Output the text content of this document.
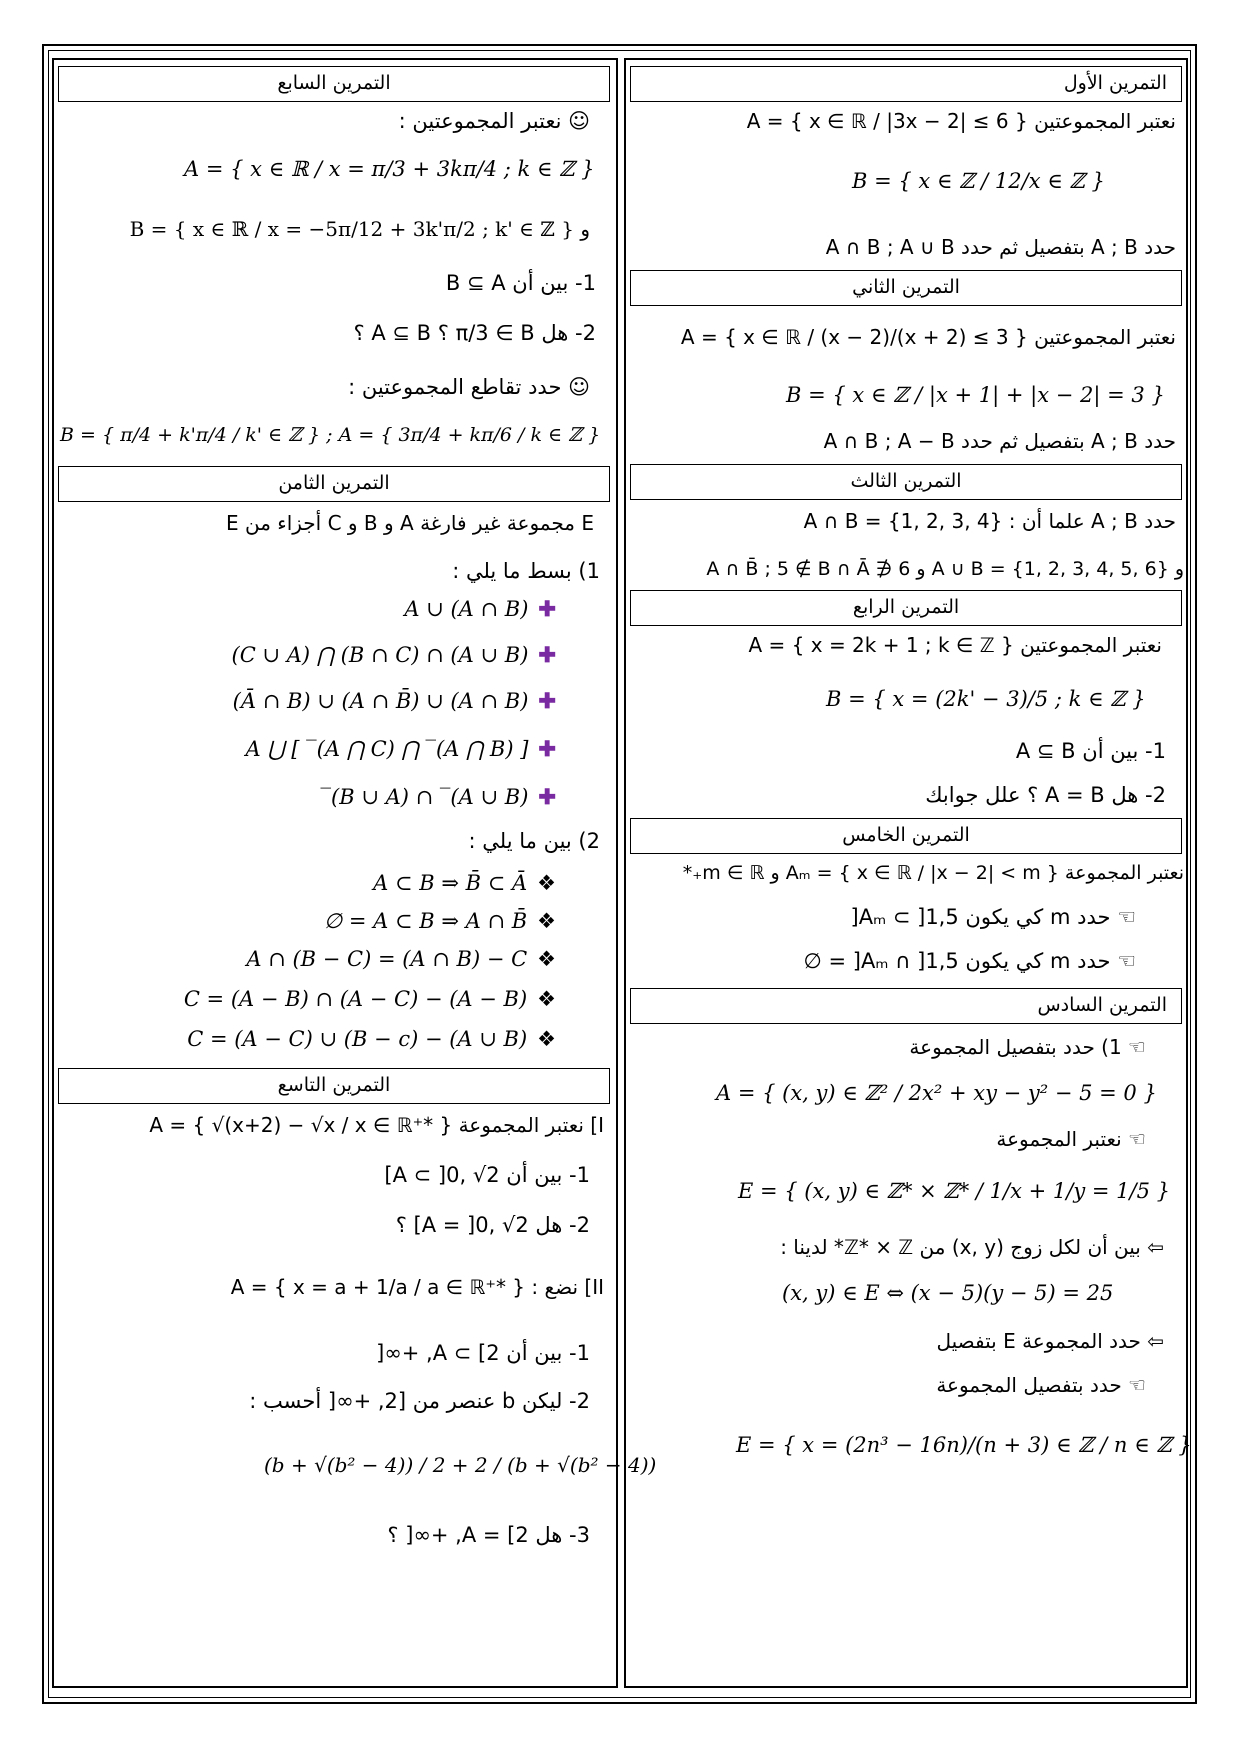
التمرين السابع
☺ نعتبر المجموعتين :
A = { x ∈ ℝ / x = π/3 + 3kπ/4 ; k ∈ ℤ }
و B = { x ∈ ℝ / x = −5π/12 + 3k'π/2 ; k' ∈ ℤ }
1- بين أن B ⊆ A
2- هل π/3 ∈ B ؟ A ⊆ B ؟
☺ حدد تقاطع المجموعتين :
B = { π/4 + k'π/4 / k' ∈ ℤ } ; A = { 3π/4 + kπ/6 / k ∈ ℤ }
التمرين الثامن
E مجموعة غير فارغة A و B و C أجزاء من E
1) بسط ما يلي :
✚A ∪ (A ∩ B)
✚(A ∪ B) ∩ (B ∩ C) ⋂ (C ∪ A)
✚(A ∩ B) ∪ (A ∩ B̄) ∪ (Ā ∩ B)
✚[ (A ⋂ B)‾ ⋂ (A ⋂ C)‾ ] ⋃ A
✚(A ∪ B)‾ ∩ (B ∪ A)‾
2) بين ما يلي :
❖A ⊂ B ⇒ B̄ ⊂ Ā
❖A ⊂ B ⇒ A ∩ B̄ = ∅
❖A ∩ (B − C) = (A ∩ B) − C
❖(A − B) − C = (A − B) ∩ (A − C)
❖(A ∪ B) − C = (A − C) ∪ (B − c)
التمرين التاسع
I] نعتبر المجموعة A = { √(x+2) − √x / x ∈ ℝ⁺* }
1- بين أن A ⊂ ]0, √2]
2- هل A = ]0, √2] ؟
II] نضع : A = { x = a + 1/a / a ∈ ℝ⁺* }
1- بين أن A ⊂ [2, +∞[
2- ليكن b عنصر من [2, +∞[ أحسب :
(b + √(b² − 4)) / 2 + 2 / (b + √(b² − 4))
3- هل A = [2, +∞[ ؟
التمرين الأول
نعتبر المجموعتين A = { x ∈ ℝ / |3x − 2| ≤ 6 }
B = { x ∈ ℤ / 12/x ∈ ℤ }
حدد A ; B بتفصيل ثم حدد A ∩ B ; A ∪ B
التمرين الثاني
نعتبر المجموعتين A = { x ∈ ℝ / (x − 2)/(x + 2) ≤ 3 }
B = { x ∈ ℤ / |x + 1| + |x − 2| = 3 }
حدد A ; B بتفصيل ثم حدد A ∩ B ; A − B
التمرين الثالث
حدد A ; B علما أن : A ∩ B = {1, 2, 3, 4}
و A ∪ B = {1, 2, 3, 4, 5, 6} و 6 ∉ A ∩ B̄ ; 5 ∉ B ∩ Ā
التمرين الرابع
نعتبر المجموعتين A = { x = 2k + 1 ; k ∈ ℤ }
B = { x = (2k' − 3)/5 ; k ∈ ℤ }
1- بين أن A ⊆ B
2- هل A = B ؟ علل جوابك
التمرين الخامس
نعتبر المجموعة Aₘ = { x ∈ ℝ / |x − 2| < m } و m ∈ ℝ₊*
☜ حدد m كي يكون Aₘ ⊂ ]1,5[
☜ حدد m كي يكون Aₘ ∩ ]1,5[ = ∅
التمرين السادس
☜ 1) حدد بتفصيل المجموعة
A = { (x, y) ∈ ℤ² / 2x² + xy − y² − 5 = 0 }
☜ نعتبر المجموعة
E = { (x, y) ∈ ℤ* × ℤ* / 1/x + 1/y = 1/5 }
⇦ بين أن لكل زوج (x, y) من ℤ* × ℤ* لدينا :
(x, y) ∈ E ⇔ (x − 5)(y − 5) = 25
⇦ حدد المجموعة E بتفصيل
☜ حدد بتفصيل المجموعة
E = { x = (2n³ − 16n)/(n + 3) ∈ ℤ / n ∈ ℤ }
